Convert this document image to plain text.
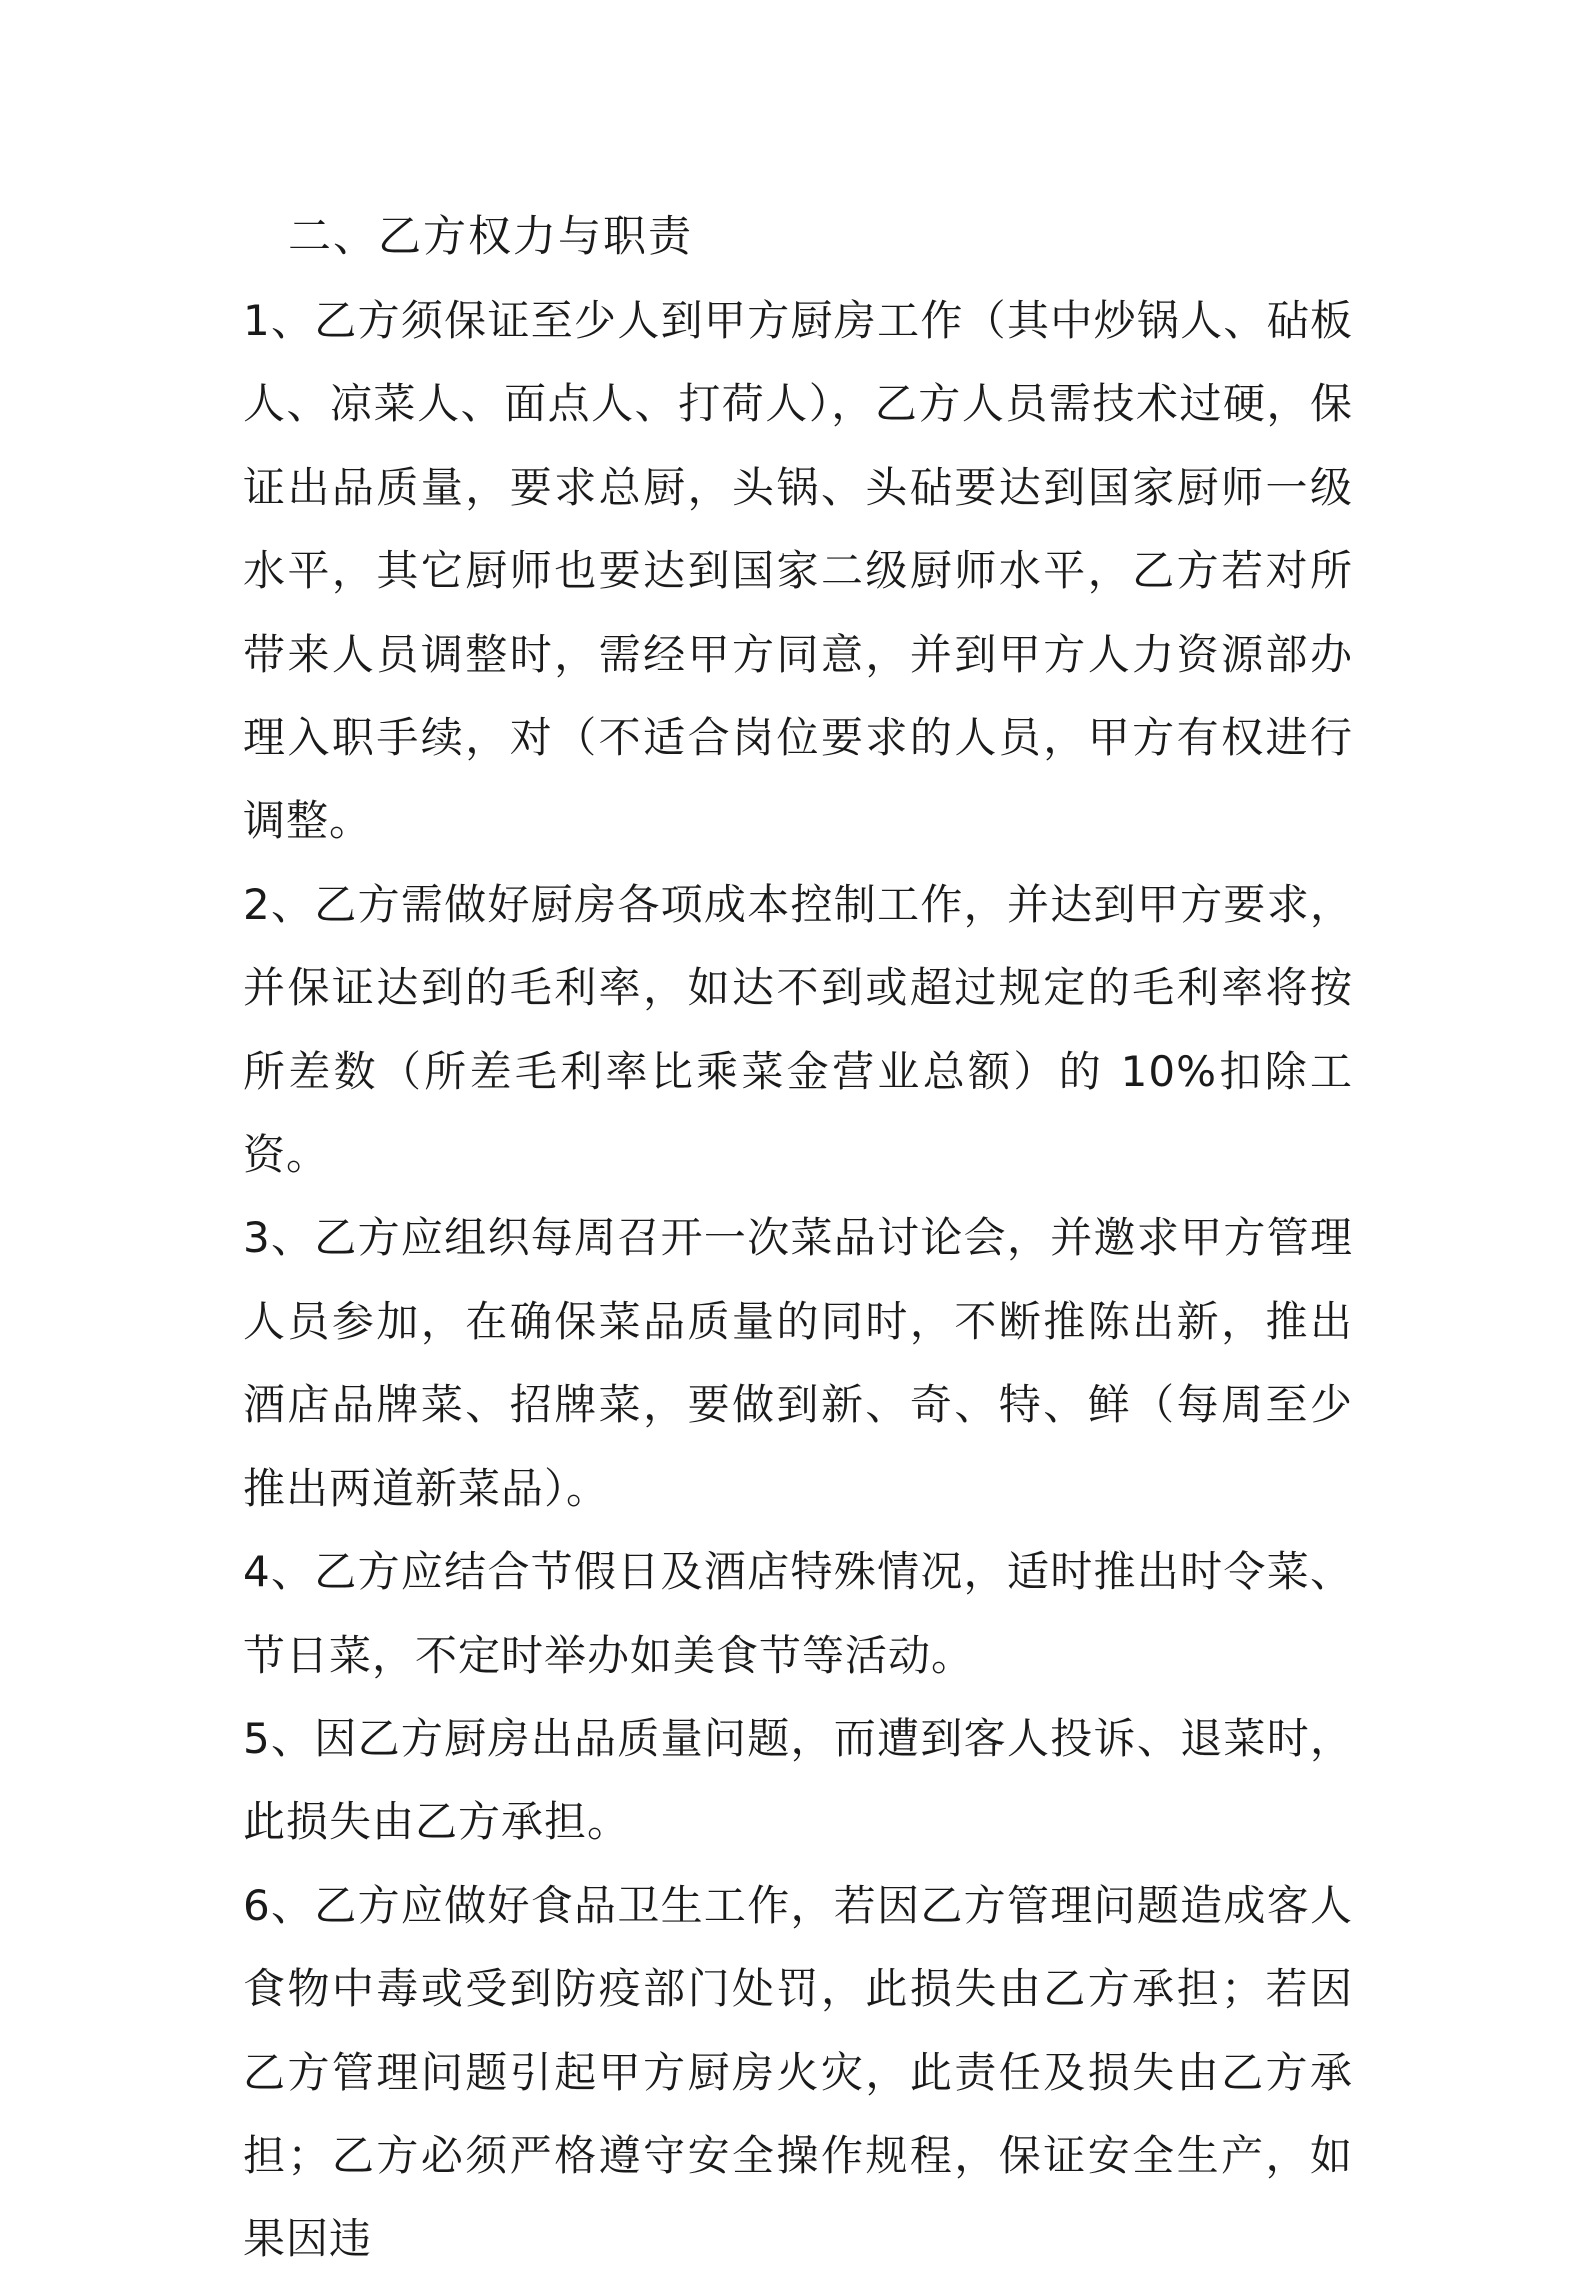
二、乙方权力与职责

1、乙方须保证至少人到甲方厨房工作（其中炒锅人、砧板人、凉菜人、面点人、打荷人），乙方人员需技术过硬，保证出品质量，要求总厨，头锅、头砧要达到国家厨师一级水平，其它厨师也要达到国家二级厨师水平，乙方若对所带来人员调整时，需经甲方同意，并到甲方人力资源部办理入职手续，对（不适合岗位要求的人员，甲方有权进行调整。

2、乙方需做好厨房各项成本控制工作，并达到甲方要求，并保证达到的毛利率，如达不到或超过规定的毛利率将按所差数（所差毛利率比乘菜金营业总额）的 10%扣除工资。

3、乙方应组织每周召开一次菜品讨论会，并邀求甲方管理人员参加，在确保菜品质量的同时，不断推陈出新，推出酒店品牌菜、招牌菜，要做到新、奇、特、鲜（每周至少推出两道新菜品）。

4、乙方应结合节假日及酒店特殊情况，适时推出时令菜、节日菜，不定时举办如美食节等活动。

5、因乙方厨房出品质量问题，而遭到客人投诉、退菜时，此损失由乙方承担。

6、乙方应做好食品卫生工作，若因乙方管理问题造成客人食物中毒或受到防疫部门处罚，此损失由乙方承担；若因乙方管理问题引起甲方厨房火灾，此责任及损失由乙方承担；乙方必须严格遵守安全操作规程，保证安全生产，如果因违
